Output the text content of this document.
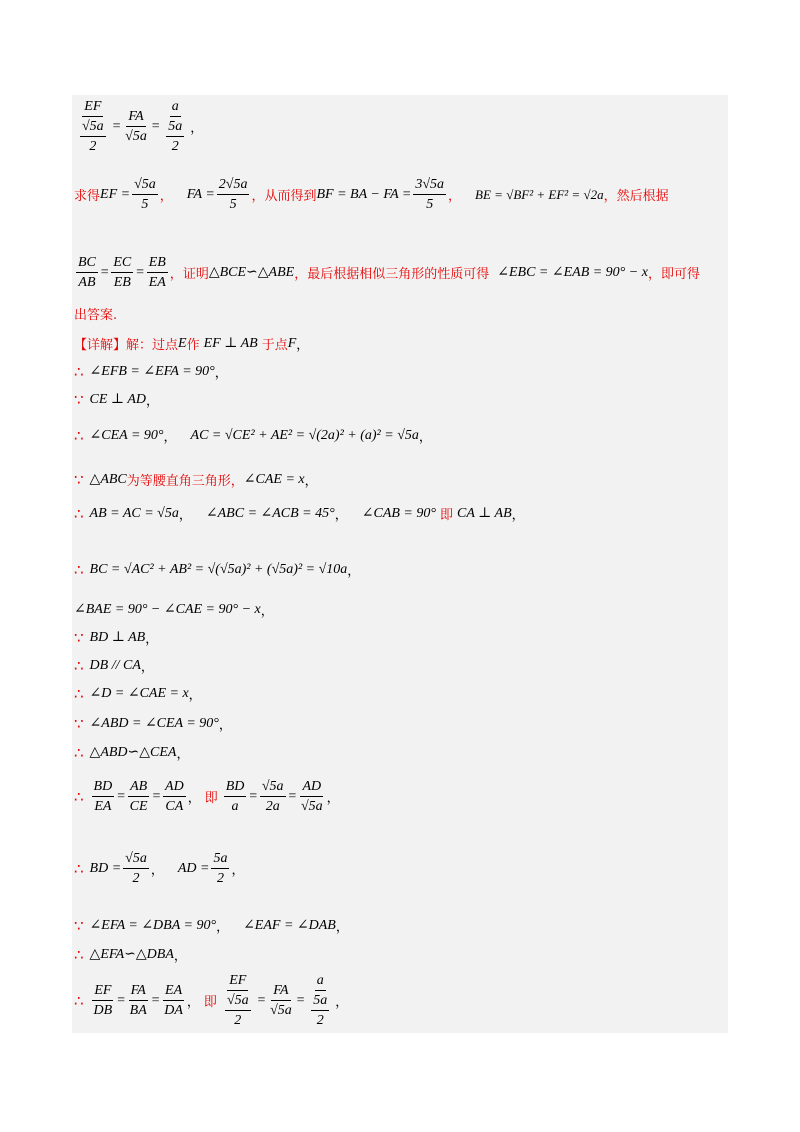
$\frac{EF}{\frac{√5a}{2}} = \frac{FA}{√5a} = \frac{a}{\frac{5a}{2}}$ ，
求得 EF = $\frac{√5a}{5}$ ， FA = $\frac{2√5a}{5}$ ， 从而得到 BF = BA − FA = $\frac{3√5a}{5}$ ， BE = √BF² + EF² = √2a ， 然后根据
$\frac{BC}{AB} = \frac{EC}{EB} = \frac{EB}{EA}$ ， 证明 △BCE∽△ABE ， 最后根据相似三角形的性质可得 ∠EBC = ∠EAB = 90° − x ， 即可得
出答案.
【详解】解：过点 E 作 EF ⊥ AB 于点 F ，
∴ ∠EFB = ∠EFA = 90° ，
∵ CE ⊥ AD ，
∴ ∠CEA = 90° ， AC = √CE² + AE² = √(2a)² + (a)² = √5a ，
∵ △ABC 为等腰直角三角形， ∠CAE = x ，
∴ AB = AC = √5a ， ∠ABC = ∠ACB = 45° ， ∠CAB = 90° 即 CA ⊥ AB ，
∴ BC = √AC² + AB² = √(√5a)² + (√5a)² = √10a ，
∠BAE = 90° − ∠CAE = 90° − x ，
∵ BD ⊥ AB ，
∴ DB // CA ，
∴ ∠D = ∠CAE = x ，
∵ ∠ABD = ∠CEA = 90° ，
∴ △ABD∽△CEA ，
∴ $\frac{BD}{EA} = \frac{AB}{CE} = \frac{AD}{CA}$ ， 即 $\frac{BD}{a} = \frac{√5a}{2a} = \frac{AD}{√5a}$ ，
∴ BD = $\frac{√5a}{2}$ ， AD = $\frac{5a}{2}$ ，
∵ ∠EFA = ∠DBA = 90° ， ∠EAF = ∠DAB ，
∴ △EFA∽△DBA ，
∴ $\frac{EF}{DB} = \frac{FA}{BA} = \frac{EA}{DA}$ ， 即 $\frac{EF}{\frac{√5a}{2}} = \frac{FA}{√5a} = \frac{a}{\frac{5a}{2}}$ ，
